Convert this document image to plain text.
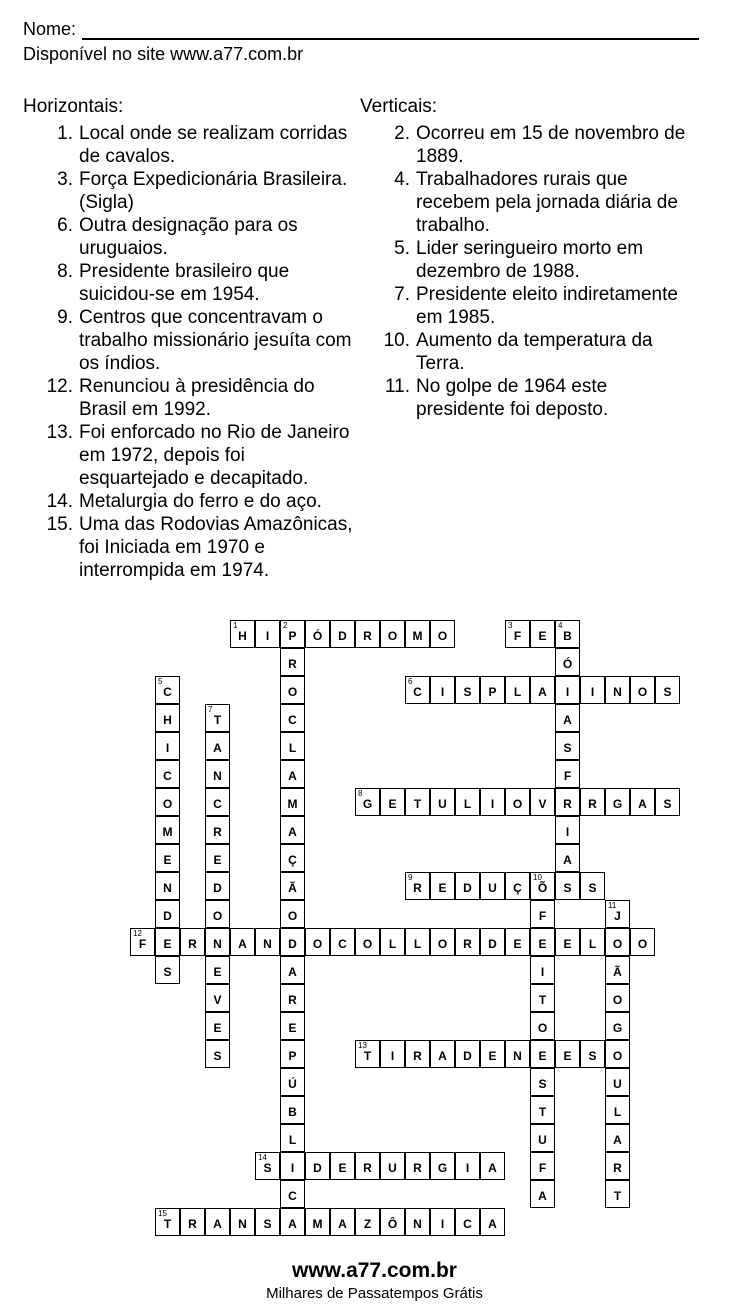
Nome:
Disponível no site www.a77.com.br
Horizontais:
1. Local onde se realizam corridas de cavalos.
3. Força Expedicionária Brasileira. (Sigla)
6. Outra designação para os uruguaios.
8. Presidente brasileiro que suicidou-se em 1954.
9. Centros que concentravam o trabalho missionário jesuíta com os índios.
12. Renunciou à presidência do Brasil em 1992.
13. Foi enforcado no Rio de Janeiro em 1972, depois foi esquartejado e decapitado.
14. Metalurgia do ferro e do aço.
15. Uma das Rodovias Amazônicas, foi Iniciada em 1970 e interrompida em 1974.
Verticais:
2. Ocorreu em 15 de novembro de 1889.
4. Trabalhadores rurais que recebem pela jornada diária de trabalho.
5. Lider seringueiro morto em dezembro de 1988.
7. Presidente eleito indiretamente em 1985.
10. Aumento da temperatura da Terra.
11. No golpe de 1964 este presidente foi deposto.
1
H I
2
P Ó D R O M O
R
O
C
L
A
M
A
Ç
Ã
O
D
A
R
E
P
Ú
B
L
I
C
A
3
F E
4
B
Ó
I
A
S
F
R
I
A
S
5
C
H
I
C
O
M
E
N
D
E
S
6
C I S P L A	I N O S
7
T
A
N
C
R
E
D
O
N
E
V
E
S
8
G E T U L I O V	R G A S
9
R E D U Ç
10
Õ	S
F
E
I
T
O
E
S
T
U
F
A
11
J
O
Ã
O
G
O
U
L
A
R
T
12
F	R	A N	O C O L L O R D E	E L	O
13
T I R A D E N	E S
14
S	D E R U R G I A
15
T R A N S	M A Z Ô N I C A
www.a77.com.br
Milhares de Passatempos Grátis
